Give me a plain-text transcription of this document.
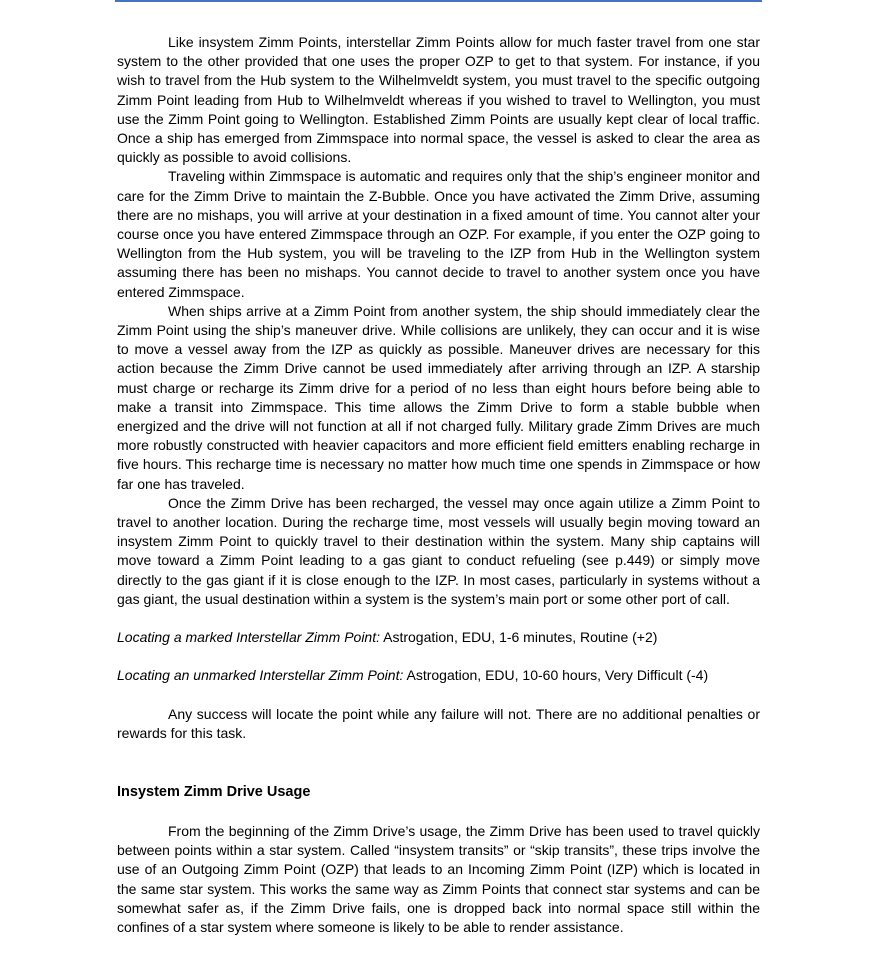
Like insystem Zimm Points, interstellar Zimm Points allow for much faster travel from one star system to the other provided that one uses the proper OZP to get to that system. For instance, if you wish to travel from the Hub system to the Wilhelmveldt system, you must travel to the specific outgoing Zimm Point leading from Hub to Wilhelmveldt whereas if you wished to travel to Wellington, you must use the Zimm Point going to Wellington. Established Zimm Points are usually kept clear of local traffic. Once a ship has emerged from Zimmspace into normal space, the vessel is asked to clear the area as quickly as possible to avoid collisions.

Traveling within Zimmspace is automatic and requires only that the ship’s engineer monitor and care for the Zimm Drive to maintain the Z-Bubble. Once you have activated the Zimm Drive, assuming there are no mishaps, you will arrive at your destination in a fixed amount of time. You cannot alter your course once you have entered Zimmspace through an OZP. For example, if you enter the OZP going to Wellington from the Hub system, you will be traveling to the IZP from Hub in the Wellington system assuming there has been no mishaps. You cannot decide to travel to another system once you have entered Zimmspace.

When ships arrive at a Zimm Point from another system, the ship should immediately clear the Zimm Point using the ship’s maneuver drive. While collisions are unlikely, they can occur and it is wise to move a vessel away from the IZP as quickly as possible. Maneuver drives are necessary for this action because the Zimm Drive cannot be used immediately after arriving through an IZP. A starship must charge or recharge its Zimm drive for a period of no less than eight hours before being able to make a transit into Zimmspace. This time allows the Zimm Drive to form a stable bubble when energized and the drive will not function at all if not charged fully. Military grade Zimm Drives are much more robustly constructed with heavier capacitors and more efficient field emitters enabling recharge in five hours. This recharge time is necessary no matter how much time one spends in Zimmspace or how far one has traveled.

Once the Zimm Drive has been recharged, the vessel may once again utilize a Zimm Point to travel to another location. During the recharge time, most vessels will usually begin moving toward an insystem Zimm Point to quickly travel to their destination within the system. Many ship captains will move toward a Zimm Point leading to a gas giant to conduct refueling (see p.449) or simply move directly to the gas giant if it is close enough to the IZP. In most cases, particularly in systems without a gas giant, the usual destination within a system is the system’s main port or some other port of call.

Locating a marked Interstellar Zimm Point: Astrogation, EDU, 1-6 minutes, Routine (+2)

Locating an unmarked Interstellar Zimm Point: Astrogation, EDU, 10-60 hours, Very Difficult (-4)

Any success will locate the point while any failure will not. There are no additional penalties or rewards for this task.

Insystem Zimm Drive Usage

From the beginning of the Zimm Drive’s usage, the Zimm Drive has been used to travel quickly between points within a star system. Called “insystem transits” or “skip transits”, these trips involve the use of an Outgoing Zimm Point (OZP) that leads to an Incoming Zimm Point (IZP) which is located in the same star system. This works the same way as Zimm Points that connect star systems and can be somewhat safer as, if the Zimm Drive fails, one is dropped back into normal space still within the confines of a star system where someone is likely to be able to render assistance.
